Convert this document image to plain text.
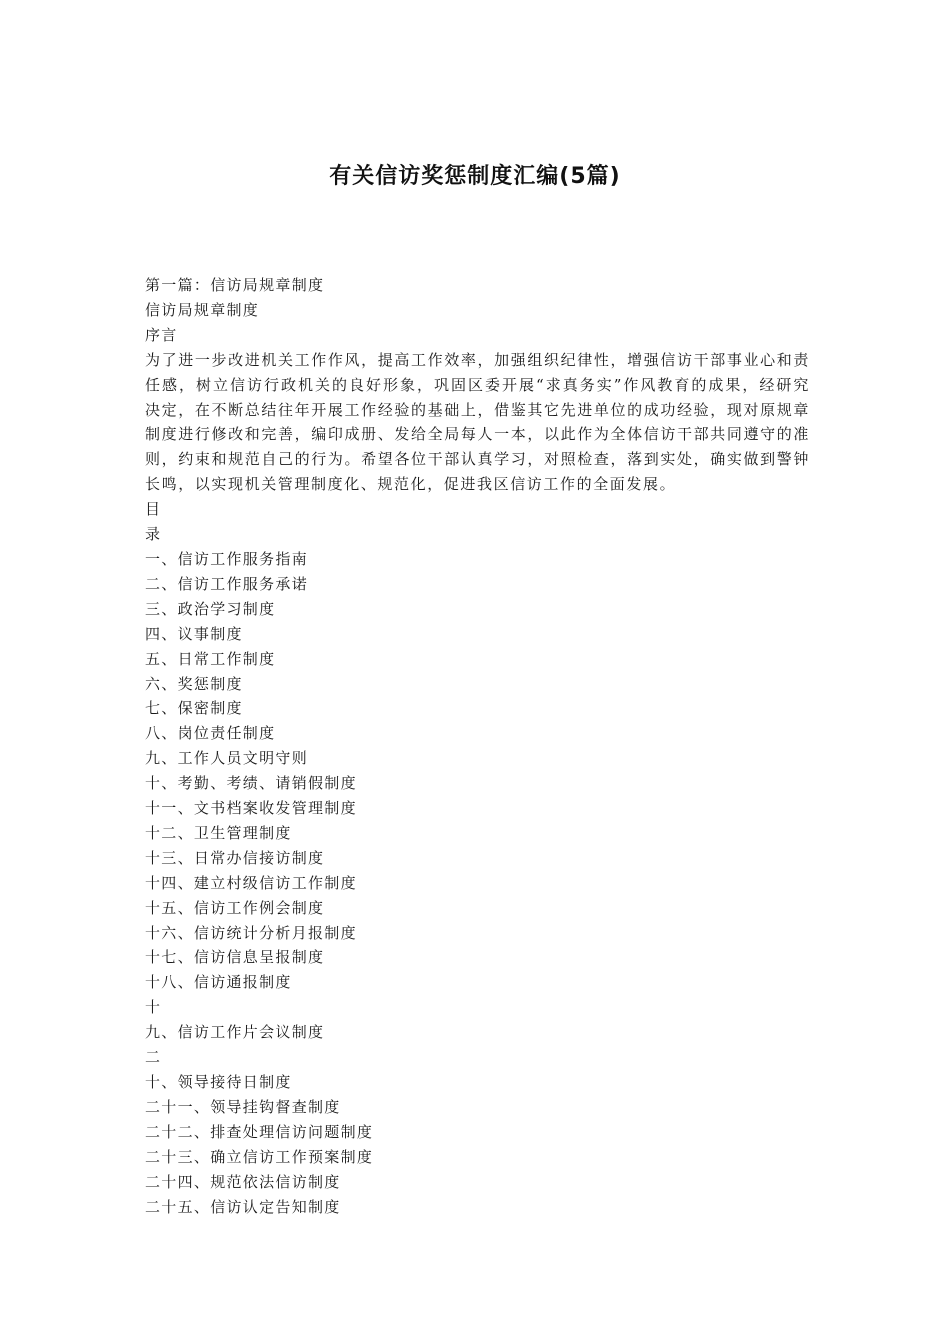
有关信访奖惩制度汇编(5篇)
第一篇：信访局规章制度
信访局规章制度
序言
为了进一步改进机关工作作风，提高工作效率，加强组织纪律性，增强信访干部事业心和责任感，树立信访行政机关的良好形象，巩固区委开展“求真务实”作风教育的成果，经研究决定，在不断总结往年开展工作经验的基础上，借鉴其它先进单位的成功经验，现对原规章制度进行修改和完善，编印成册、发给全局每人一本，以此作为全体信访干部共同遵守的准则，约束和规范自己的行为。希望各位干部认真学习，对照检查，落到实处，确实做到警钟长鸣，以实现机关管理制度化、规范化，促进我区信访工作的全面发展。
目
录
一、信访工作服务指南
二、信访工作服务承诺
三、政治学习制度
四、议事制度
五、日常工作制度
六、奖惩制度
七、保密制度
八、岗位责任制度
九、工作人员文明守则
十、考勤、考绩、请销假制度
十一、文书档案收发管理制度
十二、卫生管理制度
十三、日常办信接访制度
十四、建立村级信访工作制度
十五、信访工作例会制度
十六、信访统计分析月报制度
十七、信访信息呈报制度
十八、信访通报制度
十
九、信访工作片会议制度
二
十、领导接待日制度
二十一、领导挂钩督查制度
二十二、排查处理信访问题制度
二十三、确立信访工作预案制度
二十四、规范依法信访制度
二十五、信访认定告知制度
